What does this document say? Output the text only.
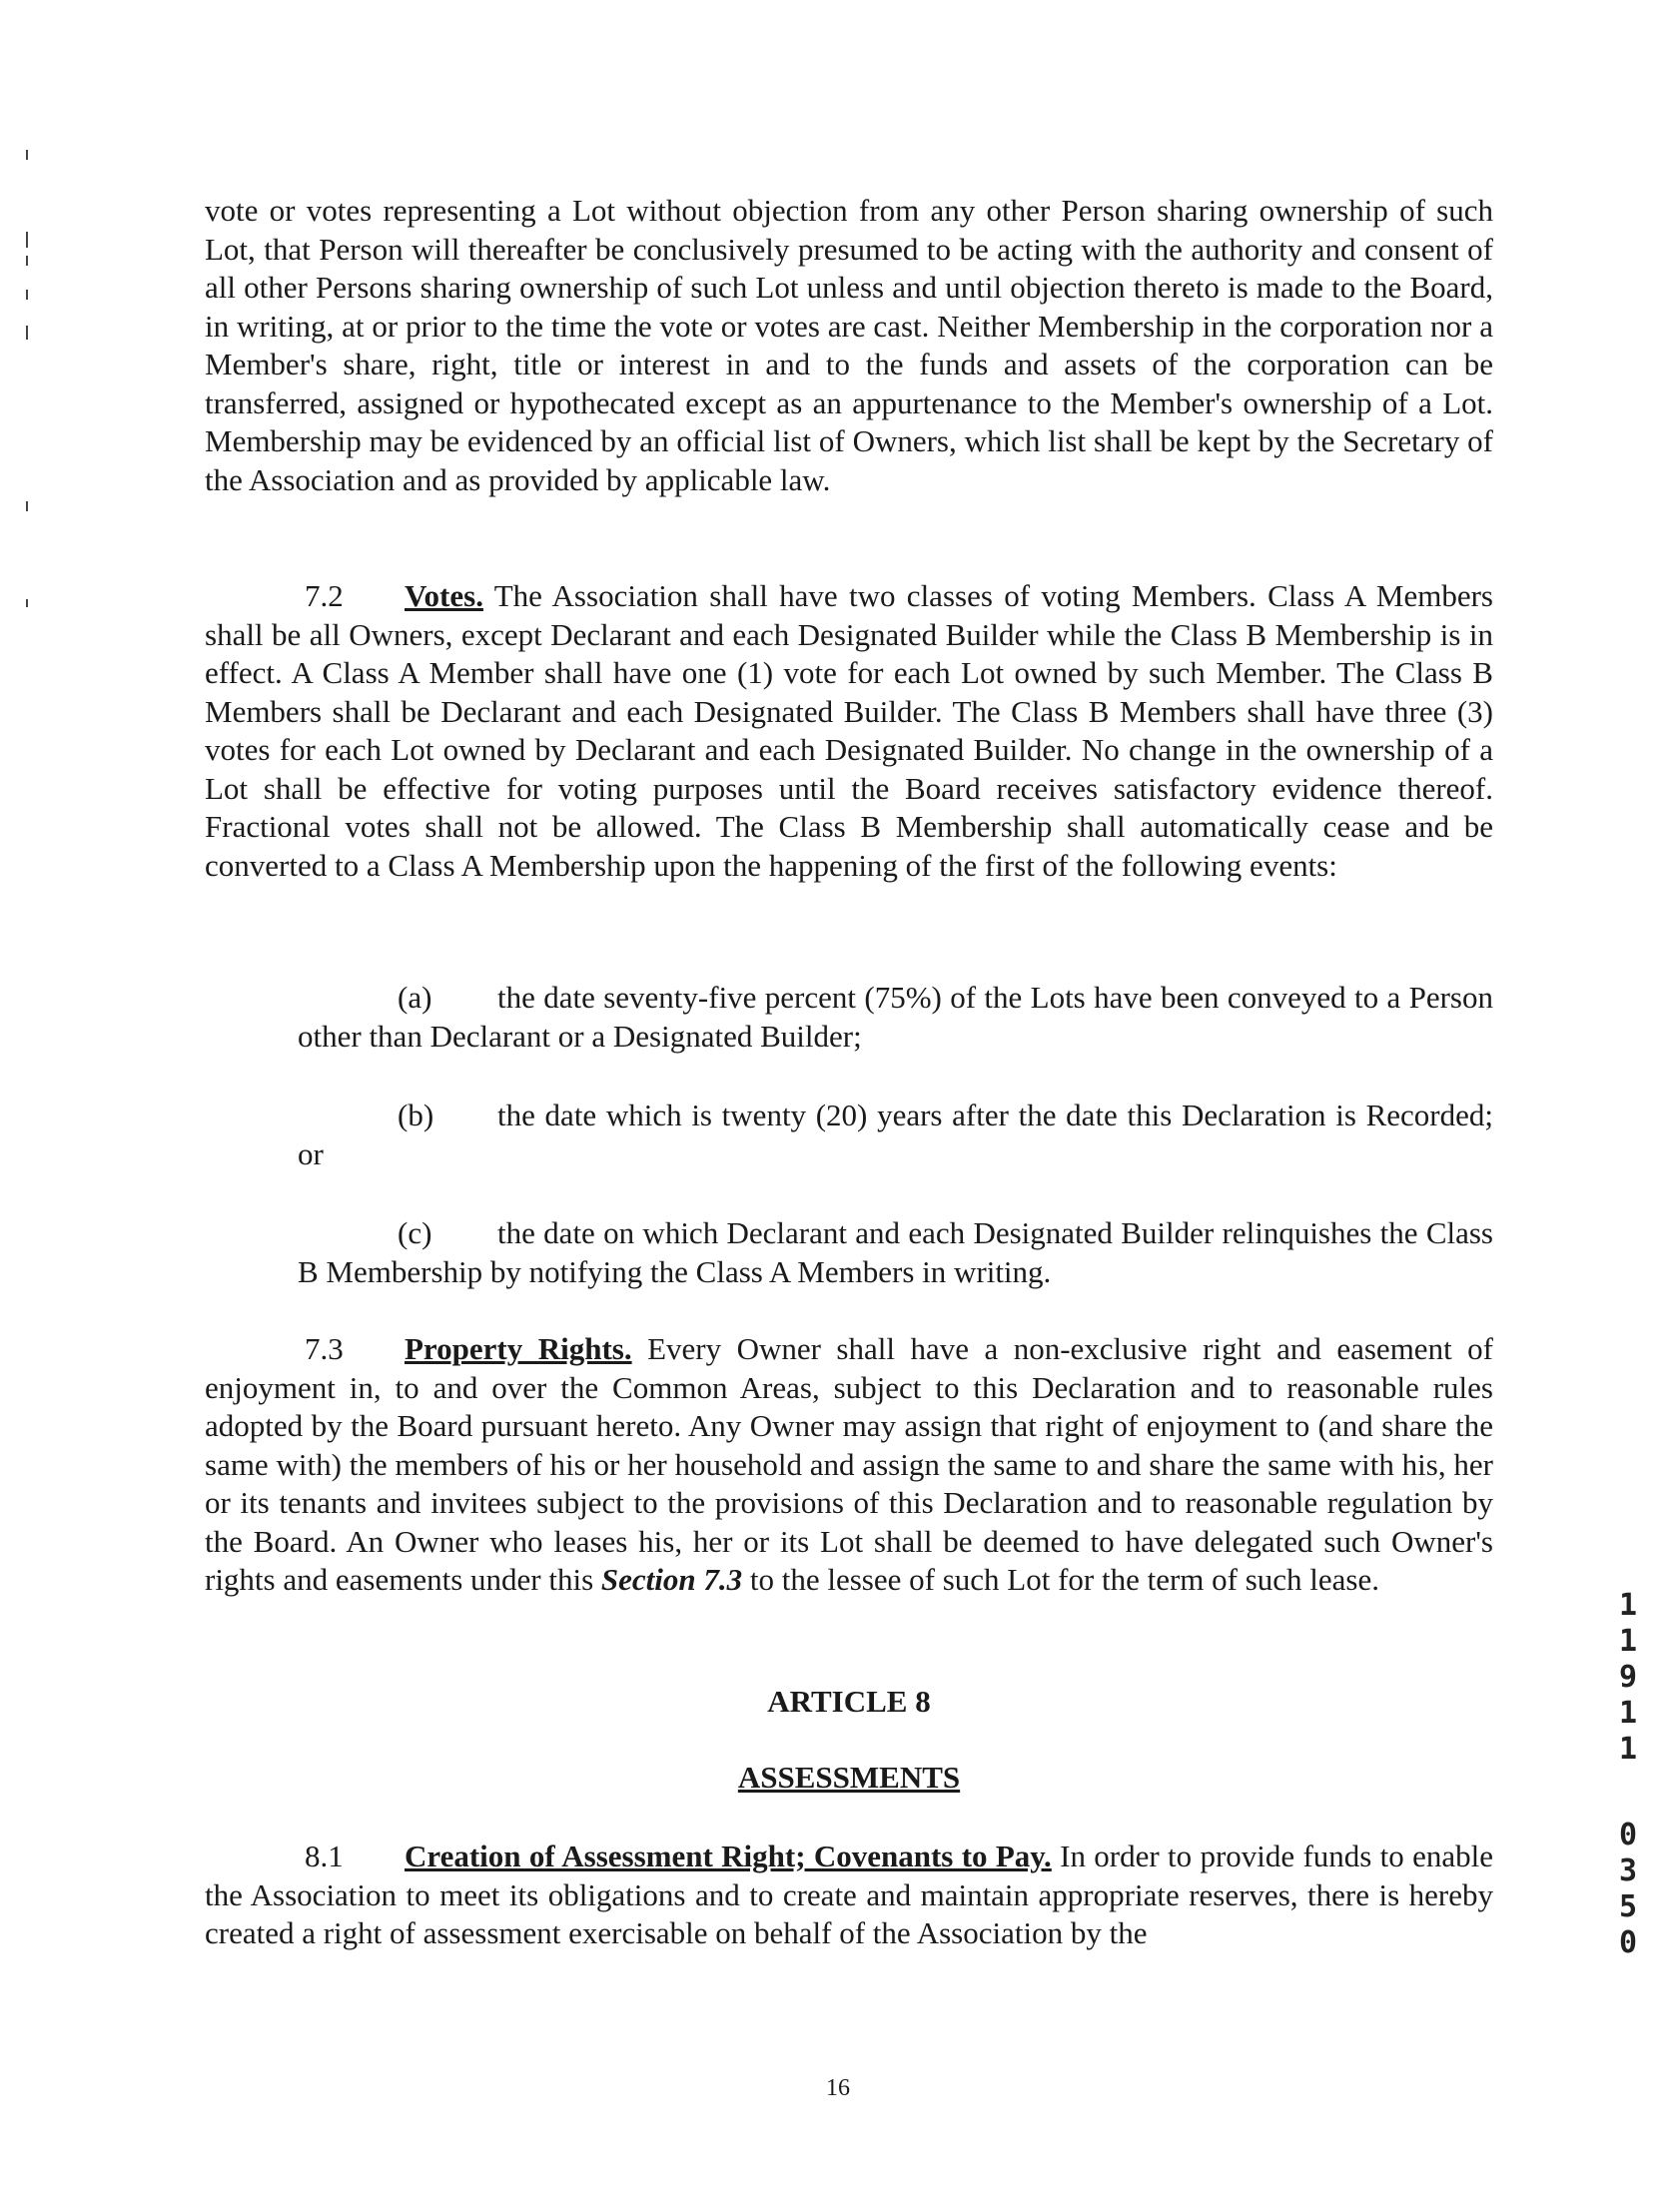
vote or votes representing a Lot without objection from any other Person sharing ownership of such Lot, that Person will thereafter be conclusively presumed to be acting with the authority and consent of all other Persons sharing ownership of such Lot unless and until objection thereto is made to the Board, in writing, at or prior to the time the vote or votes are cast. Neither Membership in the corporation nor a Member's share, right, title or interest in and to the funds and assets of the corporation can be transferred, assigned or hypothecated except as an appurtenance to the Member's ownership of a Lot. Membership may be evidenced by an official list of Owners, which list shall be kept by the Secretary of the Association and as provided by applicable law.
7.2 Votes. The Association shall have two classes of voting Members. Class A Members shall be all Owners, except Declarant and each Designated Builder while the Class B Membership is in effect. A Class A Member shall have one (1) vote for each Lot owned by such Member. The Class B Members shall be Declarant and each Designated Builder. The Class B Members shall have three (3) votes for each Lot owned by Declarant and each Designated Builder. No change in the ownership of a Lot shall be effective for voting purposes until the Board receives satisfactory evidence thereof. Fractional votes shall not be allowed. The Class B Membership shall automatically cease and be converted to a Class A Membership upon the happening of the first of the following events:
(a) the date seventy-five percent (75%) of the Lots have been conveyed to a Person other than Declarant or a Designated Builder;
(b) the date which is twenty (20) years after the date this Declaration is Recorded; or
(c) the date on which Declarant and each Designated Builder relinquishes the Class B Membership by notifying the Class A Members in writing.
7.3 Property Rights. Every Owner shall have a non-exclusive right and easement of enjoyment in, to and over the Common Areas, subject to this Declaration and to reasonable rules adopted by the Board pursuant hereto. Any Owner may assign that right of enjoyment to (and share the same with) the members of his or her household and assign the same to and share the same with his, her or its tenants and invitees subject to the provisions of this Declaration and to reasonable regulation by the Board. An Owner who leases his, her or its Lot shall be deemed to have delegated such Owner's rights and easements under this Section 7.3 to the lessee of such Lot for the term of such lease.
ARTICLE 8
ASSESSMENTS
8.1 Creation of Assessment Right; Covenants to Pay. In order to provide funds to enable the Association to meet its obligations and to create and maintain appropriate reserves, there is hereby created a right of assessment exercisable on behalf of the Association by the
16
1
1
9
1
1
0
3
5
0
